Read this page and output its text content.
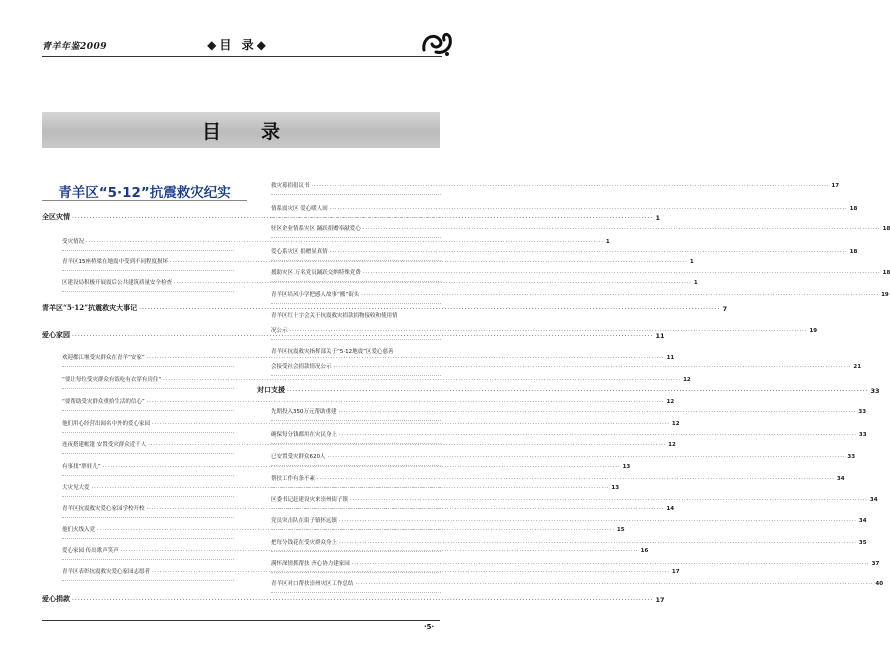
青羊年鉴2009	◆目 录◆
目录
青羊区“5·12”抗震救灾纪实
全区灾情 ········································································································································································································ 1
受灾情况 ········································································································································································································ 1
青羊区15座桥梁在地震中受到不同程度损坏 ········································································································································································································ 1
区建设局积极开展震后公共建筑质量安全检查 ········································································································································································································ 1
青羊区“5·12”抗震救灾大事记 ········································································································································································································ 7
爱心家园 ········································································································································································································ 11
欢迎都江堰受灾群众在青羊“安家” ········································································································································································································ 11
“要让每位受灾群众有饭吃有衣穿有房住” ········································································································································································································ 12
“要帮助受灾群众重拾生活的信心” ········································································································································································································ 12
他们用心经营出闻名中外的爱心家园 ········································································································································································································ 12
连夜搭建帐篷 安置受灾群众近千人 ········································································································································································································ 12
有事找“胖娃儿” ········································································································································································································ 13
大灾见大爱 ········································································································································································································ 13
青羊区抗震救灾爱心家园学校开校 ········································································································································································································ 14
他们火线入党 ········································································································································································································ 15
爱心家园 传出歌声笑声 ········································································································································································································ 16
青羊区表彰抗震救灾爱心家园志愿者 ········································································································································································································ 17
爱心捐款 ········································································································································································································ 17
救灾募捐倡议书 ········································································································································································································ 17
情系震灾区 爱心暖人间 ········································································································································································································ 18
驻区企业情系灾区 踊跃捐赠奉献爱心 ········································································································································································································ 18
爱心系灾区 捐赠显真情 ········································································································································································································ 18
援助灾区 万名党员踊跃交纳特殊党费 ········································································································································································································ 18
青羊区培风小学把感人故事“搬”街头 ········································································································································································································ 19
青羊区红十字会关于抗震救灾捐款捐物接收和使用情
况公示 ········································································································································································································ 19
青羊区抗震救灾指挥部关于“5·12地震”区爱心慈善
会接受社会捐款情况公示 ········································································································································································································ 21
对口支援 ········································································································································································································ 33
先期投入350万元帮助重建 ········································································································································································································ 33
确保每分钱都用在灾民身上 ········································································································································································································ 33
已安置受灾群众620人 ········································································································································································································ 33
帮扶工作有条不紊 ········································································································································································································ 34
区委书记赶建设灾来崇州街子镇 ········································································································································································································ 34
党员突击队在街子镇怀远镇 ········································································································································································································ 34
把每分钱花在受灾群众身上 ········································································································································································································ 35
满怀深情抓帮扶 齐心协力建家园 ········································································································································································································ 37
青羊区对口帮扶崇州灾区工作总结 ········································································································································································································ 40
·5·
